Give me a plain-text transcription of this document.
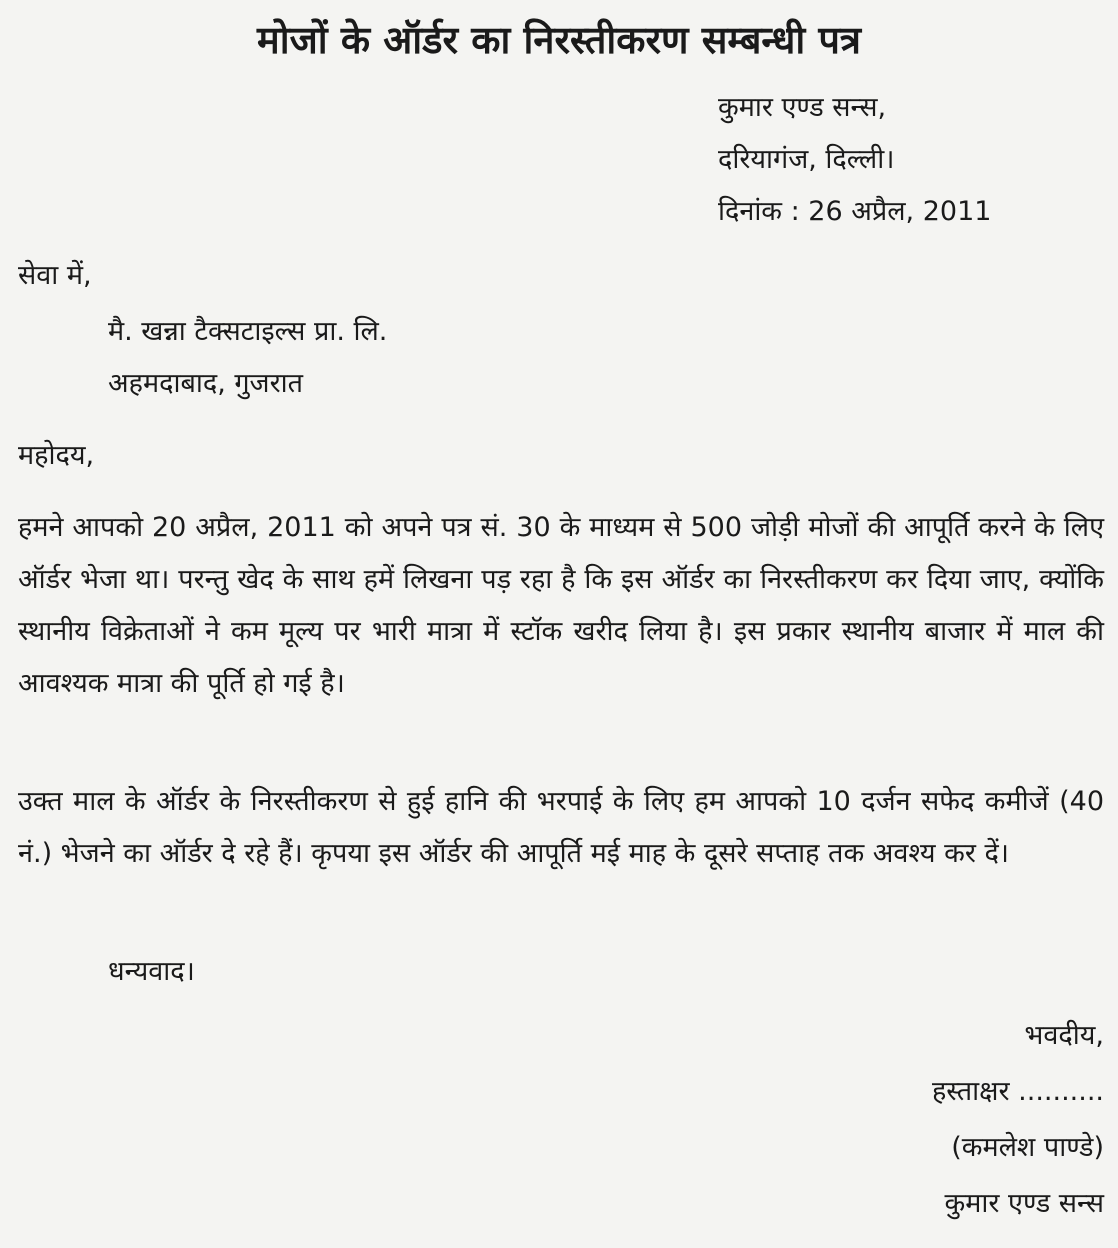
मोजों के ऑर्डर का निरस्तीकरण सम्बन्धी पत्र
कुमार एण्ड सन्स,
दरियागंज, दिल्ली।
दिनांक : 26 अप्रैल, 2011
सेवा में,
मै. खन्ना टैक्सटाइल्स प्रा. लि.
अहमदाबाद, गुजरात
महोदय,

हमने आपको 20 अप्रैल, 2011 को अपने पत्र सं. 30 के माध्यम से 500 जोड़ी मोजों की आपूर्ति करने के लिए ऑर्डर भेजा था। परन्तु खेद के साथ हमें लिखना पड़ रहा है कि इस ऑर्डर का निरस्तीकरण कर दिया जाए, क्योंकि स्थानीय विक्रेताओं ने कम मूल्य पर भारी मात्रा में स्टॉक खरीद लिया है। इस प्रकार स्थानीय बाजार में माल की आवश्यक मात्रा की पूर्ति हो गई है।

उक्त माल के ऑर्डर के निरस्तीकरण से हुई हानि की भरपाई के लिए हम आपको 10 दर्जन सफेद कमीजें (40 नं.) भेजने का ऑर्डर दे रहे हैं। कृपया इस ऑर्डर की आपूर्ति मई माह के दूसरे सप्ताह तक अवश्य कर दें।

धन्यवाद।
भवदीय,
हस्ताक्षर ..........
(कमलेश पाण्डे)
कुमार एण्ड सन्स
